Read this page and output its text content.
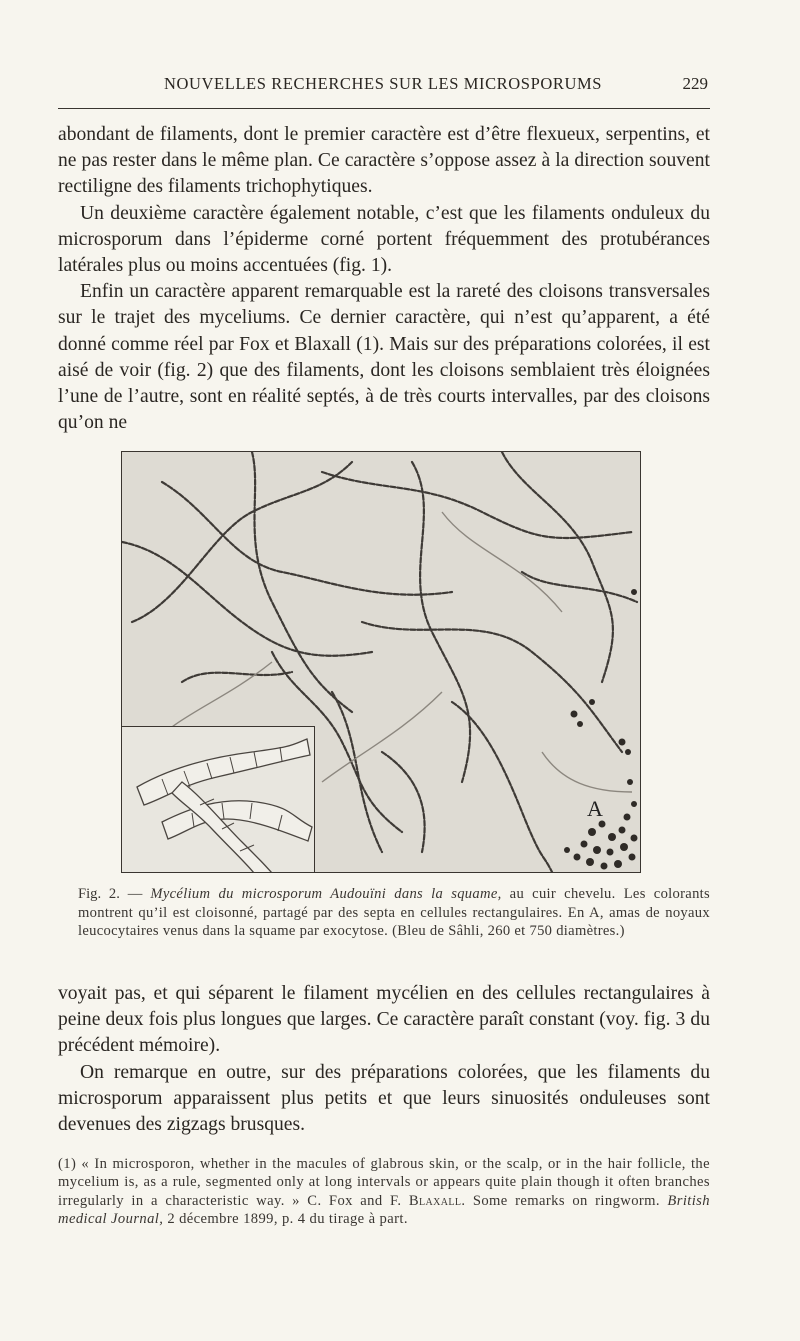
NOUVELLES RECHERCHES SUR LES MICROSPORUMS	229

abondant de filaments, dont le premier caractère est d’être flexueux, serpentins, et ne pas rester dans le même plan. Ce caractère s’oppose assez à la direction souvent rectiligne des filaments trichophytiques.

Un deuxième caractère également notable, c’est que les filaments onduleux du microsporum dans l’épiderme corné portent fréquemment des protubérances latérales plus ou moins accentuées (fig. 1).

Enfin un caractère apparent remarquable est la rareté des cloisons transversales sur le trajet des myceliums. Ce dernier caractère, qui n’est qu’apparent, a été donné comme réel par Fox et Blaxall (1). Mais sur des préparations colorées, il est aisé de voir (fig. 2) que des filaments, dont les cloisons semblaient très éloignées l’une de l’autre, sont en réalité septés, à de très courts intervalles, par des cloisons qu’on ne

A
Fig. 2. — Mycélium du microsporum Audouïni dans la squame, au cuir chevelu. Les colorants montrent qu’il est cloisonné, partagé par des septa en cellules rectangulaires. En A, amas de noyaux leucocytaires venus dans la squame par exocytose. (Bleu de Sâhli, 260 et 750 diamètres.)

voyait pas, et qui séparent le filament mycélien en des cellules rectangulaires à peine deux fois plus longues que larges. Ce caractère paraît constant (voy. fig. 3 du précédent mémoire).

On remarque en outre, sur des préparations colorées, que les filaments du microsporum apparaissent plus petits et que leurs sinuosités onduleuses sont devenues des zigzags brusques.

(1) « In microsporon, whether in the macules of glabrous skin, or the scalp, or in the hair follicle, the mycelium is, as a rule, segmented only at long intervals or appears quite plain though it often branches irregularly in a characteristic way. » C. Fox and F. Blaxall. Some remarks on ringworm. British medical Journal, 2 décembre 1899, p. 4 du tirage à part.
